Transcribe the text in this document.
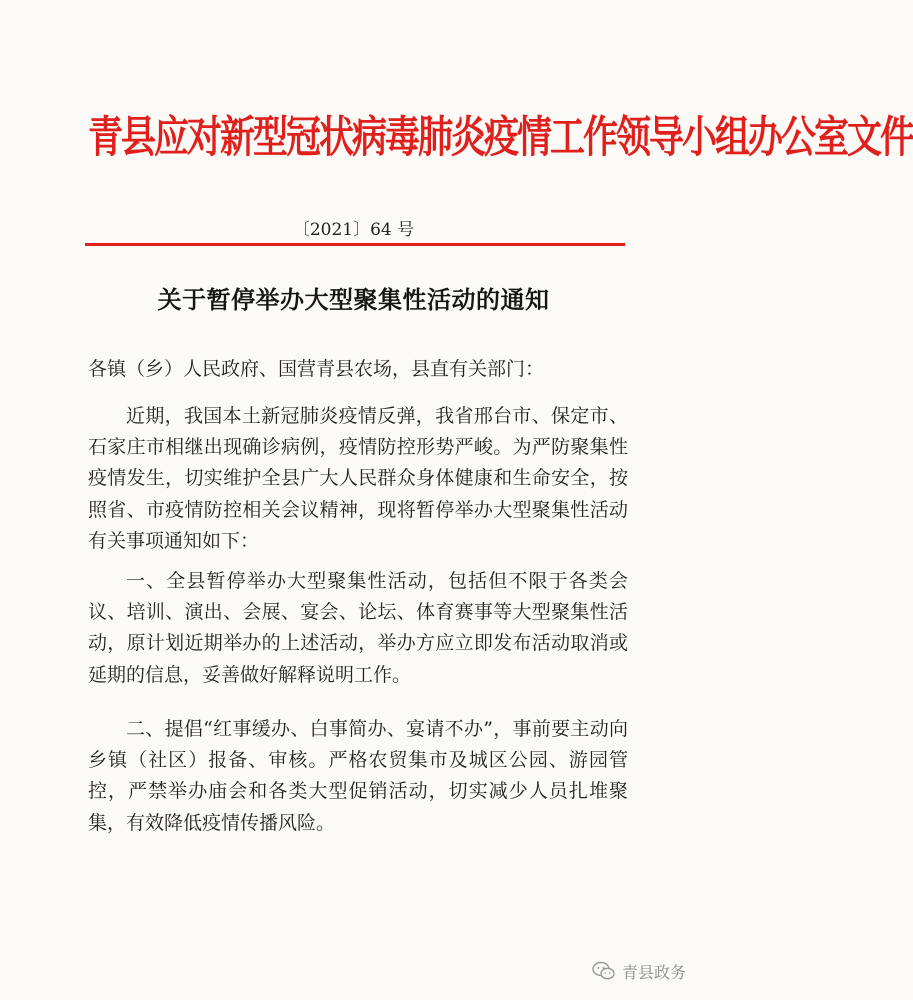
青县应对新型冠状病毒肺炎疫情工作领导小组办公室文件
〔2021〕64 号
关于暂停举办大型聚集性活动的通知
各镇（乡）人民政府、国营青县农场，县直有关部门：
近期，我国本土新冠肺炎疫情反弹，我省邢台市、保定市、石家庄市相继出现确诊病例，疫情防控形势严峻。为严防聚集性疫情发生，切实维护全县广大人民群众身体健康和生命安全，按照省、市疫情防控相关会议精神，现将暂停举办大型聚集性活动有关事项通知如下：
一、全县暂停举办大型聚集性活动，包括但不限于各类会议、培训、演出、会展、宴会、论坛、体育赛事等大型聚集性活动，原计划近期举办的上述活动，举办方应立即发布活动取消或延期的信息，妥善做好解释说明工作。
二、提倡“红事缓办、白事简办、宴请不办”，事前要主动向乡镇（社区）报备、审核。严格农贸集市及城区公园、游园管控，严禁举办庙会和各类大型促销活动，切实减少人员扎堆聚集，有效降低疫情传播风险。
青县政务
